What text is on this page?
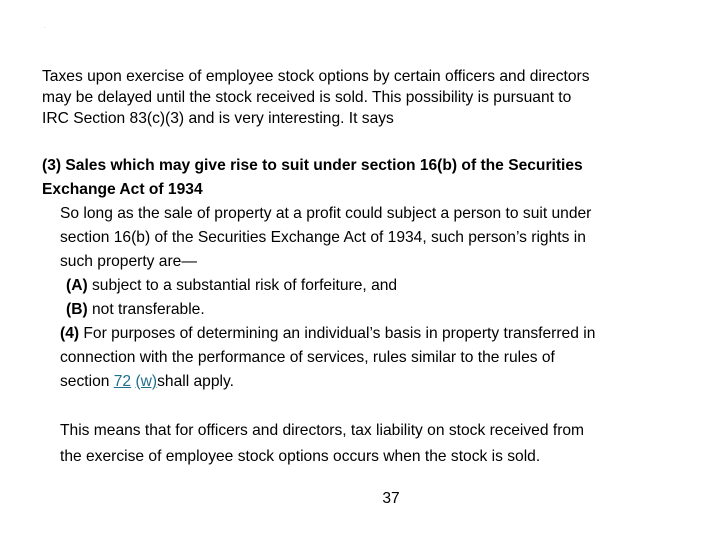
.

Taxes upon exercise of employee stock options by certain officers and directors
may be delayed until the stock received is sold. This possibility is pursuant to
IRC Section 83(c)(3) and is very interesting. It says

(3) Sales which may give rise to suit under section 16(b) of the Securities
Exchange Act of 1934

So long as the sale of property at a profit could subject a person to suit under
section 16(b) of the Securities Exchange Act of 1934, such person’s rights in
such property are—
(A) subject to a substantial risk of forfeiture, and
(B) not transferable.
(4) For purposes of determining an individual’s basis in property transferred in
connection with the performance of services, rules similar to the rules of
section 72 (w)shall apply.
This means that for officers and directors, tax liability on stock received from
the exercise of employee stock options occurs when the stock is sold.
37
